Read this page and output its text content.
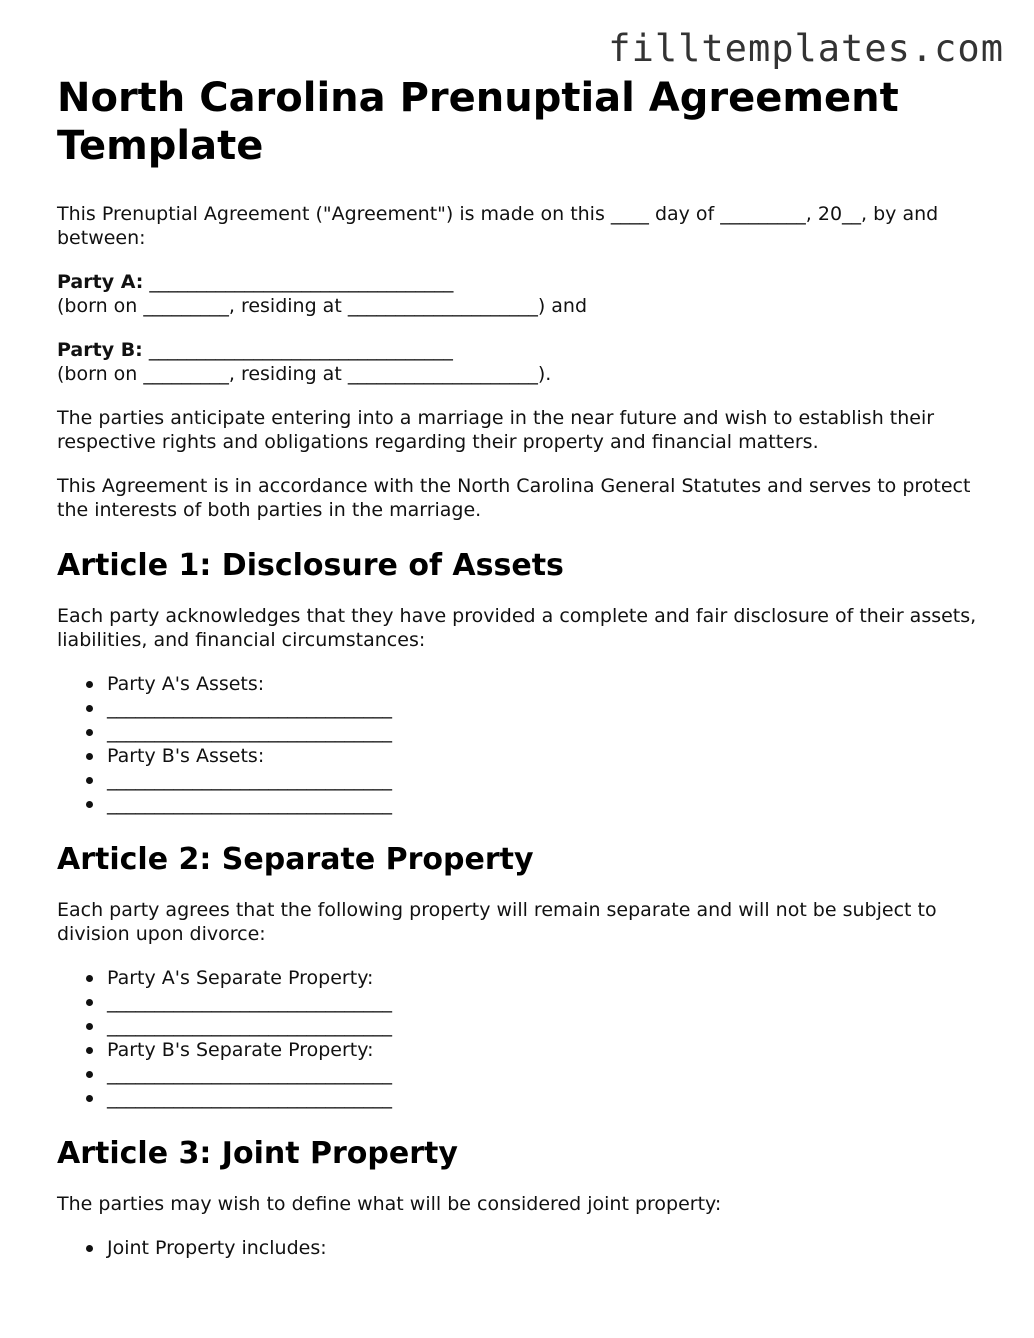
filltemplates.com
North Carolina Prenuptial Agreement Template

This Prenuptial Agreement ("Agreement") is made on this ____ day of _________, 20__, by and between:

Party A: ________________________________
(born on _________, residing at ____________________) and

Party B: ________________________________
(born on _________, residing at ____________________).

The parties anticipate entering into a marriage in the near future and wish to establish their respective rights and obligations regarding their property and financial matters.

This Agreement is in accordance with the North Carolina General Statutes and serves to protect the interests of both parties in the marriage.

Article 1: Disclosure of Assets

Each party acknowledges that they have provided a complete and fair disclosure of their assets, liabilities, and financial circumstances:

Party A's Assets:
______________________________
______________________________
Party B's Assets:
______________________________
______________________________
Article 2: Separate Property

Each party agrees that the following property will remain separate and will not be subject to division upon divorce:

Party A's Separate Property:
______________________________
______________________________
Party B's Separate Property:
______________________________
______________________________
Article 3: Joint Property

The parties may wish to define what will be considered joint property:

Joint Property includes:
